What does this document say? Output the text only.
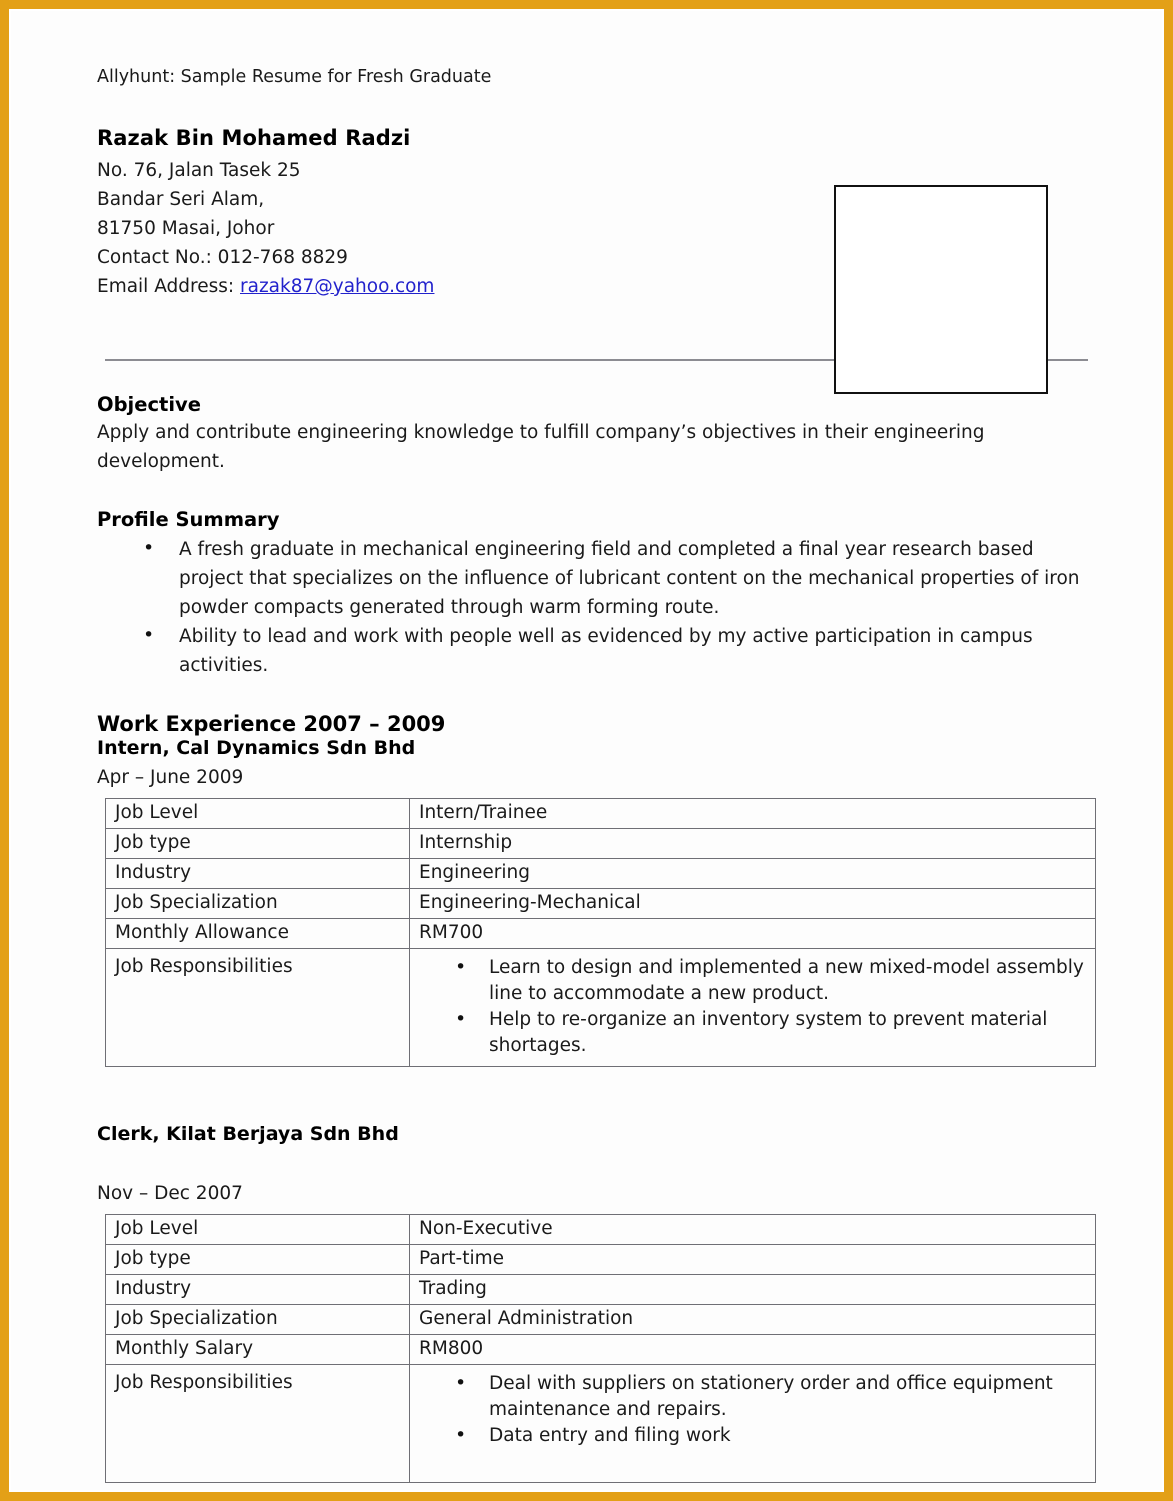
Allyhunt: Sample Resume for Fresh Graduate
Razak Bin Mohamed Radzi
No. 76, Jalan Tasek 25
Bandar Seri Alam,
81750 Masai, Johor
Contact No.: 012-768 8829
Email Address: razak87@yahoo.com
Objective

Apply and contribute engineering knowledge to fulfill company’s objectives in their engineering development.

Profile Summary
• A fresh graduate in mechanical engineering field and completed a final year research based project that specializes on the influence of lubricant content on the mechanical properties of iron powder compacts generated through warm forming route.
• Ability to lead and work with people well as evidenced by my active participation in campus activities.
Work Experience 2007 – 2009
Intern, Cal Dynamics Sdn Bhd
Apr – June 2009
Job Level	Intern/Trainee
Job type	Internship
Industry	Engineering
Job Specialization	Engineering-Mechanical
Monthly Allowance	RM700
Job Responsibilities	
•Learn to design and implemented a new mixed-model assembly line to accommodate a new product.
• Help to re-organize an inventory system to prevent material shortages.
Clerk, Kilat Berjaya Sdn Bhd
Nov – Dec 2007
Job Level	Non-Executive
Job type	Part-time
Industry	Trading
Job Specialization	General Administration
Monthly Salary	RM800
Job Responsibilities	
•Deal with suppliers on stationery order and office equipment maintenance and repairs.
• Data entry and filing work
